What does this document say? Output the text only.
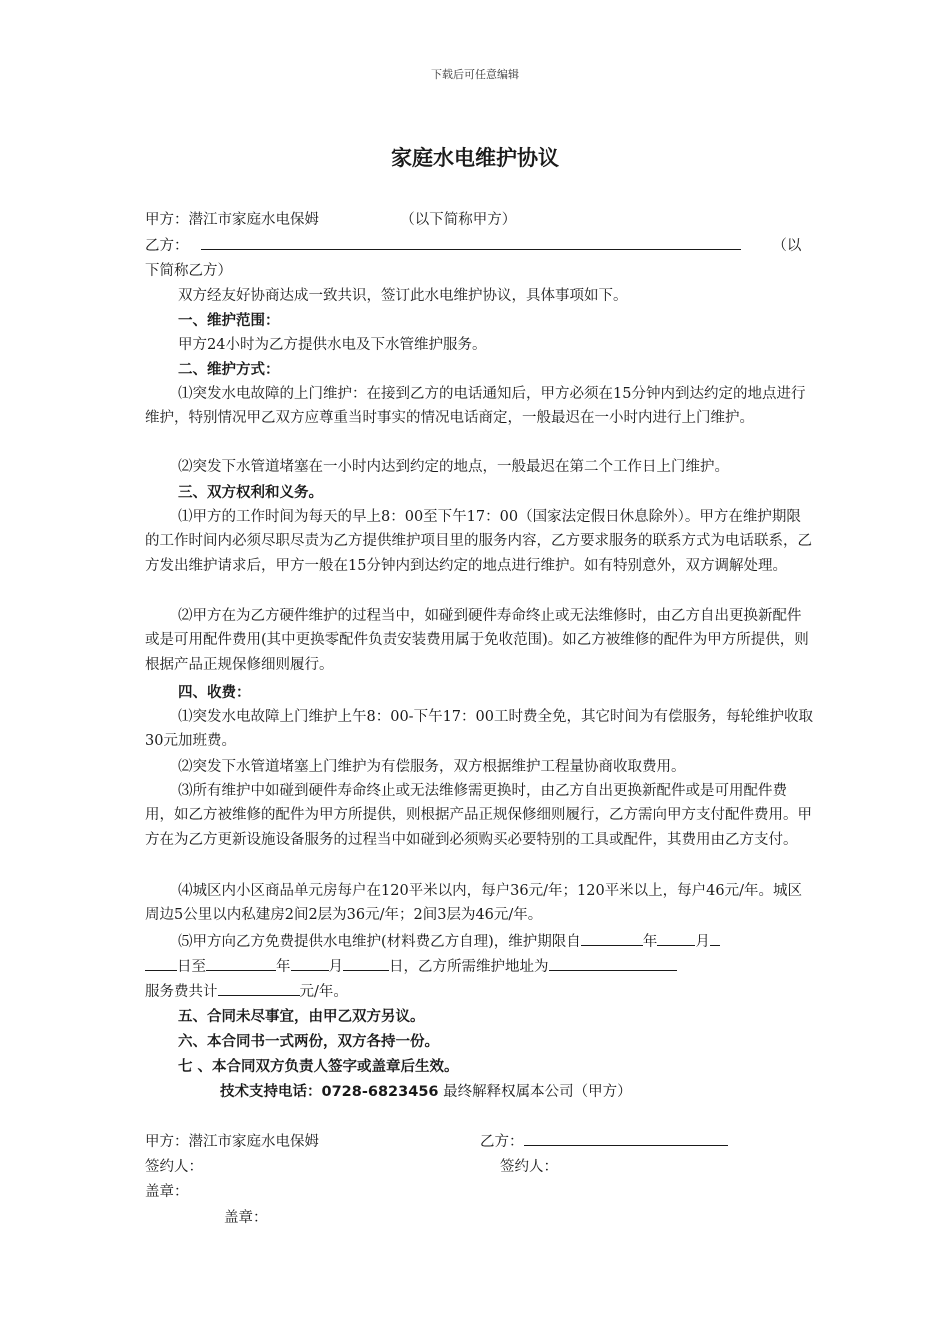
下载后可任意编辑
家庭水电维护协议
甲方：潜江市家庭水电保姆	（以下简称甲方）
乙方：	（以
下简称乙方）
双方经友好协商达成一致共识，签订此水电维护协议，具体事项如下。
一、维护范围：
甲方24小时为乙方提供水电及下水管维护服务。
二、维护方式：
⑴突发水电故障的上门维护：在接到乙方的电话通知后，甲方必须在15分钟内到达约定的地点进行维护，特别情况甲乙双方应尊重当时事实的情况电话商定，一般最迟在一小时内进行上门维护。
⑵突发下水管道堵塞在一小时内达到约定的地点，一般最迟在第二个工作日上门维护。
三、双方权利和义务。
⑴甲方的工作时间为每天的早上8：00至下午17：00（国家法定假日休息除外）。甲方在维护期限的工作时间内必须尽职尽责为乙方提供维护项目里的服务内容，乙方要求服务的联系方式为电话联系，乙方发出维护请求后，甲方一般在15分钟内到达约定的地点进行维护。如有特别意外，双方调解处理。
⑵甲方在为乙方硬件维护的过程当中，如碰到硬件寿命终止或无法维修时，由乙方自出更换新配件或是可用配件费用(其中更换零配件负责安装费用属于免收范围)。如乙方被维修的配件为甲方所提供，则根据产品正规保修细则履行。
四、收费：
⑴突发水电故障上门维护上午8：00-下午17：00工时费全免，其它时间为有偿服务，每轮维护收取30元加班费。
⑵突发下水管道堵塞上门维护为有偿服务，双方根据维护工程量协商收取费用。
⑶所有维护中如碰到硬件寿命终止或无法维修需更换时，由乙方自出更换新配件或是可用配件费用，如乙方被维修的配件为甲方所提供，则根据产品正规保修细则履行，乙方需向甲方支付配件费用。甲方在为乙方更新设施设备服务的过程当中如碰到必须购买必要特别的工具或配件，其费用由乙方支付。
⑷城区内小区商品单元房每户在120平米以内，每户36元/年；120平米以上，每户46元/年。城区周边5公里以内私建房2间2层为36元/年；2间3层为46元/年。
⑸甲方向乙方免费提供水电维护(材料费乙方自理)，维护期限自	年	月
日至	年	月	日，乙方所需维护地址为
服务费共计	元/年。
五、合同未尽事宜，由甲乙双方另议。
六、本合同书一式两份，双方各持一份。
七 、本合同双方负责人签字或盖章后生效。
技术支持电话：0728-6823456 最终解释权属本公司（甲方）
甲方：潜江市家庭水电保姆	乙方：
签约人：	签约人：
盖章：
盖章：
